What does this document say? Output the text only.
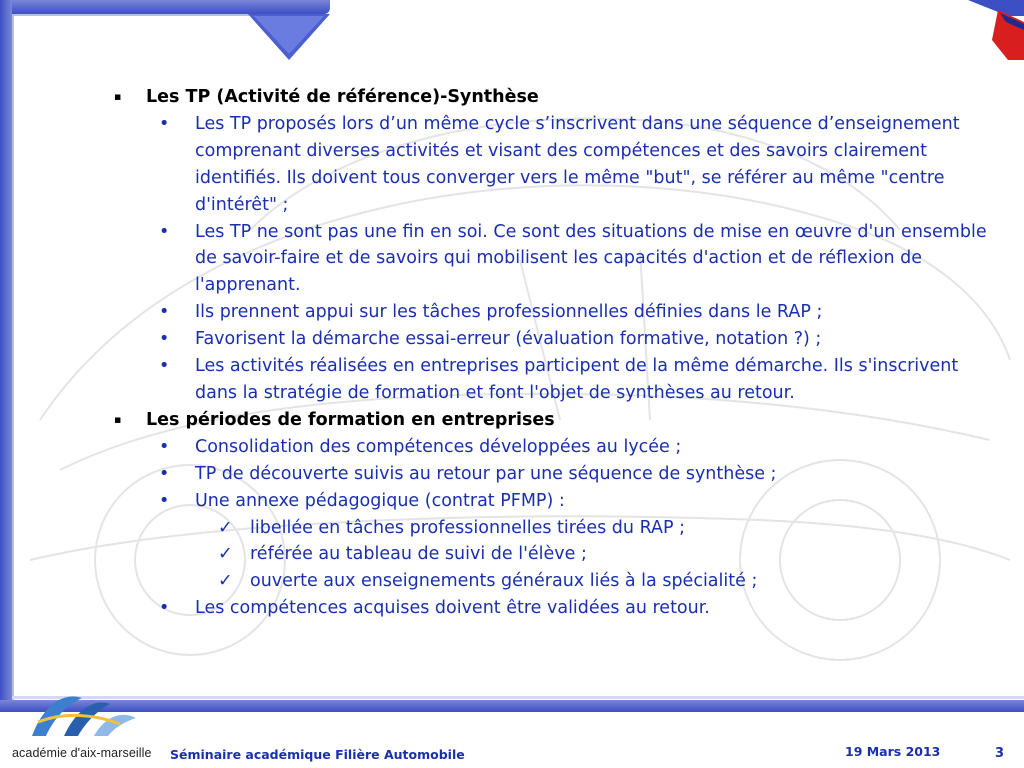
▪ Les TP (Activité de référence)-Synthèse
• Les TP proposés lors d’un même cycle s’inscrivent dans une séquence d’enseignement comprenant diverses activités et visant des compétences et des savoirs clairement identifiés. Ils doivent tous converger vers le même "but", se référer au même "centre d'intérêt" ;
• Les TP ne sont pas une fin en soi. Ce sont des situations de mise en œuvre d'un ensemble de savoir-faire et de savoirs qui mobilisent les capacités d'action et de réflexion de l'apprenant.
• Ils prennent appui sur les tâches professionnelles définies dans le RAP ;
• Favorisent la démarche essai-erreur (évaluation formative, notation ?) ;
• Les activités réalisées en entreprises participent de la même démarche. Ils s'inscrivent dans la stratégie de formation et font l'objet de synthèses au retour.
▪ Les périodes de formation en entreprises
• Consolidation des compétences développées au lycée ;
• TP de découverte suivis au retour par une séquence de synthèse ;
• Une annexe pédagogique (contrat PFMP) :
✓ libellée en tâches professionnelles tirées du RAP ;
✓ référée au tableau de suivi de l'élève ;
✓ ouverte aux enseignements généraux liés à la spécialité ;
• Les compétences acquises doivent être validées au retour.
académie d'aix-marseille Séminaire académique Filière Automobile	19 Mars 2013	3
